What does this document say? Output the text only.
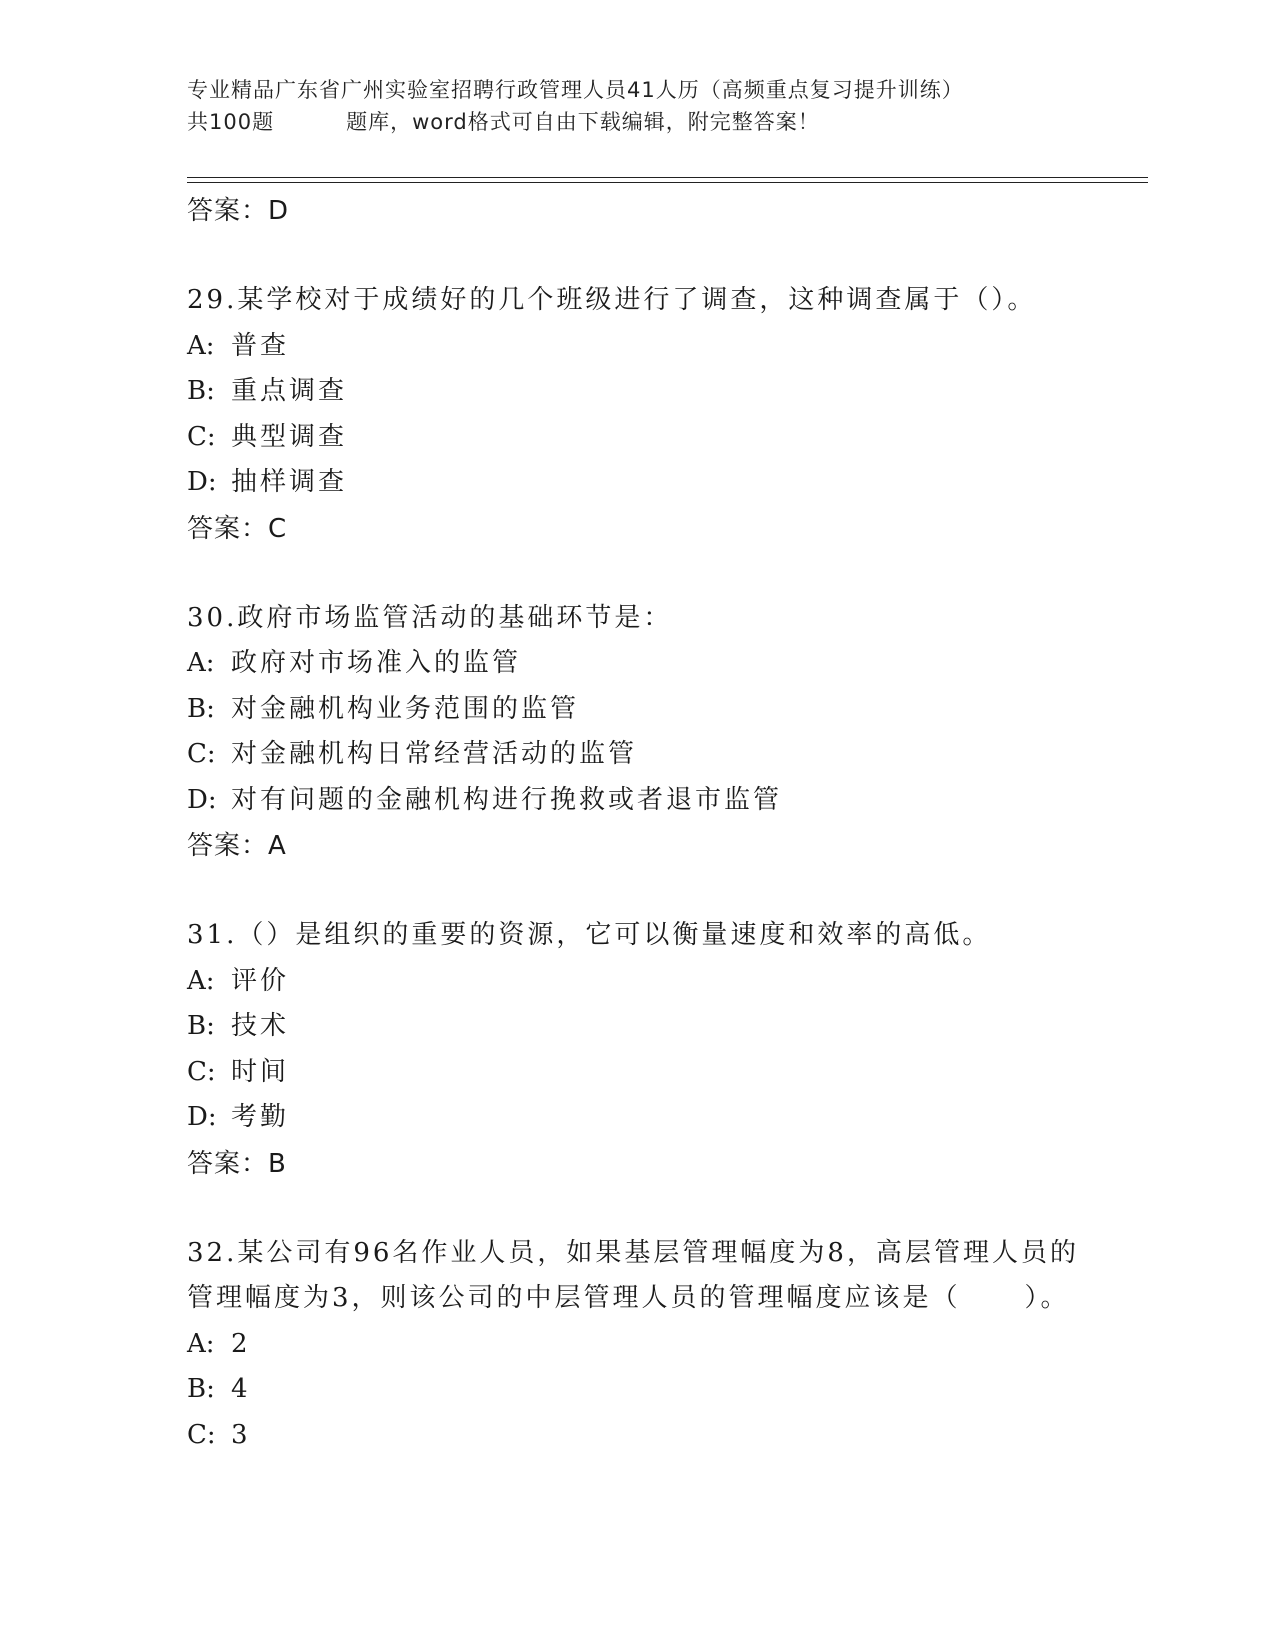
专业精品广东省广州实验室招聘行政管理人员41人历（高频重点复习提升训练）
共100题	题库，word格式可自由下载编辑，附完整答案！
答案：D
29.某学校对于成绩好的几个班级进行了调查，这种调查属于（）。
A: 普查
B: 重点调查
C: 典型调查
D: 抽样调查
答案：C
30.政府市场监管活动的基础环节是：
A: 政府对市场准入的监管
B: 对金融机构业务范围的监管
C: 对金融机构日常经营活动的监管
D: 对有问题的金融机构进行挽救或者退市监管
答案：A
31.（）是组织的重要的资源，它可以衡量速度和效率的高低。
A: 评价
B: 技术
C: 时间
D: 考勤
答案：B
32.某公司有96名作业人员，如果基层管理幅度为8，高层管理人员的
管理幅度为3，则该公司的中层管理人员的管理幅度应该是（ ）。
A: 2
B: 4
C: 3
